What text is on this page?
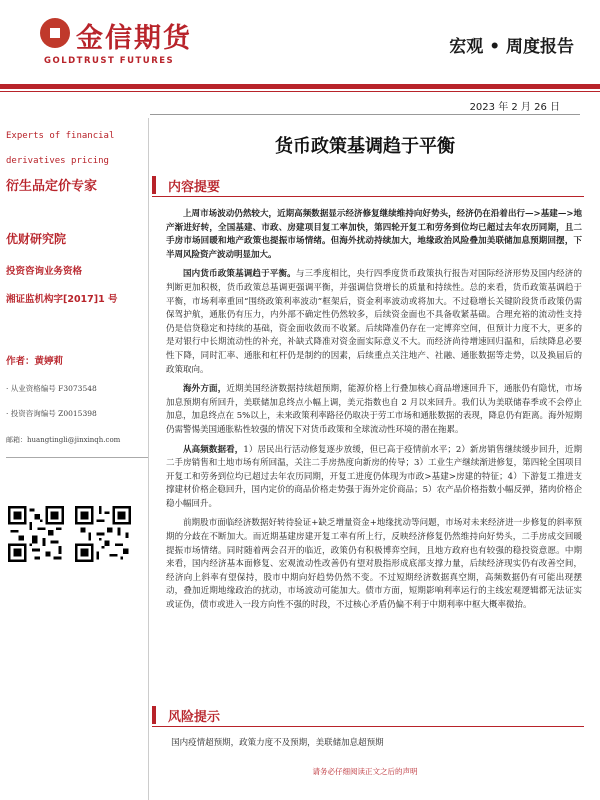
金信期货
GOLDTRUST FUTURES
宏观 • 周度报告
2023 年 2 月 26 日
Experts of financial
derivatives pricing
衍生品定价专家
优财研究院
投资咨询业务资格
湘证监机构字[2017]1 号
作者：黄婷莉
· 从业资格编号 F3073548
· 投资咨询编号 Z0015398
邮箱：huangtingli@jinxinqh.com

货币政策基调趋于平衡
内容提要

上周市场波动仍然较大，近期高频数据显示经济修复继续维持向好势头，经济仍在沿着出行—>基建—>地产渐进好转，全国基建、市政、房建项目复工率加快，第四轮开复工和劳务到位均已超过去年农历同期，且二手房市场回暖和地产政策也提振市场情绪。但海外扰动持续加大，地缘政治风险叠加美联储加息预期回摆，下半周风险资产波动明显加大。

国内货币政策基调趋于平衡。与三季度相比，央行四季度货币政策执行报告对国际经济形势及国内经济的判断更加积极，货币政策总基调更强调平衡，并强调信贷增长的质量和持续性。总的来看，货币政策基调趋于平衡，市场利率重回“围绕政策利率波动”框架后，资金利率波动或将加大。不过稳增长关键阶段货币政策仍需保驾护航，通胀仍有压力，内外部不确定性仍然较多，后续资金面也不具备收紧基础。合理充裕的流动性支持仍是信贷稳定和持续的基础，资金面收敛而不收紧。后续降准仍存在一定博弈空间，但预计力度不大，更多的是对银行中长期流动性的补充，补缺式降准对资金面实际意义不大。而经济尚待增速回归温和，后续降息必要性下降，同时汇率、通胀和杠杆仍是制约的因素，后续重点关注地产、社融、通胀数据等走势，以及换届后的政策取向。

海外方面，近期美国经济数据持续超预期，能源价格上行叠加核心商品增速回升下，通胀仍有隐忧，市场加息预期有所回升，美联储加息终点小幅上调，美元指数也自 2 月以来回升。我们认为美联储春季或不会停止加息，加息终点在 5%以上，未来政策利率路径仍取决于劳工市场和通胀数据的表现，降息仍有距离。海外短期仍需警惕美国通胀粘性较强的情况下对货币政策和全球流动性环境的潜在拖累。

从高频数据看，1）居民出行活动修复逐步放缓，但已高于疫情前水平；2）新房销售继续缓步回升，近期二手房销售和土地市场有所回温，关注二手房热度向新房的传导；3）工业生产继续渐进修复，第四轮全国项目开复工和劳务到位均已超过去年农历同期，开复工进度仍体现为市政>基建>房建的特征；4）下游复工推进支撑建材价格企稳回升，国内定价的商品价格走势强于海外定价商品；5）农产品价格指数小幅反弹，猪肉价格企稳小幅回升。

前期股市面临经济数据好转待验证+缺乏增量资金+地缘扰动等问题，市场对未来经济进一步修复的斜率预期的分歧在不断加大。而近期基建房建开复工率有所上行，反映经济修复仍然维持向好势头，二手房成交回暖提振市场情绪。同时随着两会召开的临近，政策仍有积极博弈空间，且地方政府也有较强的稳投资意愿。中期来看，国内经济基本面修复、宏观流动性改善仍有望对股指形成底部支撑力量，后续经济现实仍有改善空间，经济向上斜率有望保持，股市中期向好趋势仍然不变。不过短期经济数据真空期，高频数据仍有可能出现摆动，叠加近期地缘政治的扰动，市场波动可能加大。债市方面，短期影响利率运行的主线宏观逻辑都无法证实或证伪，债市或进入一段方向性不强的时段，不过核心矛盾仍偏不利于中期利率中枢大概率微抬。

风险提示

国内疫情超预期，政策力度不及预期，美联储加息超预期

请务必仔细阅读正文之后的声明
